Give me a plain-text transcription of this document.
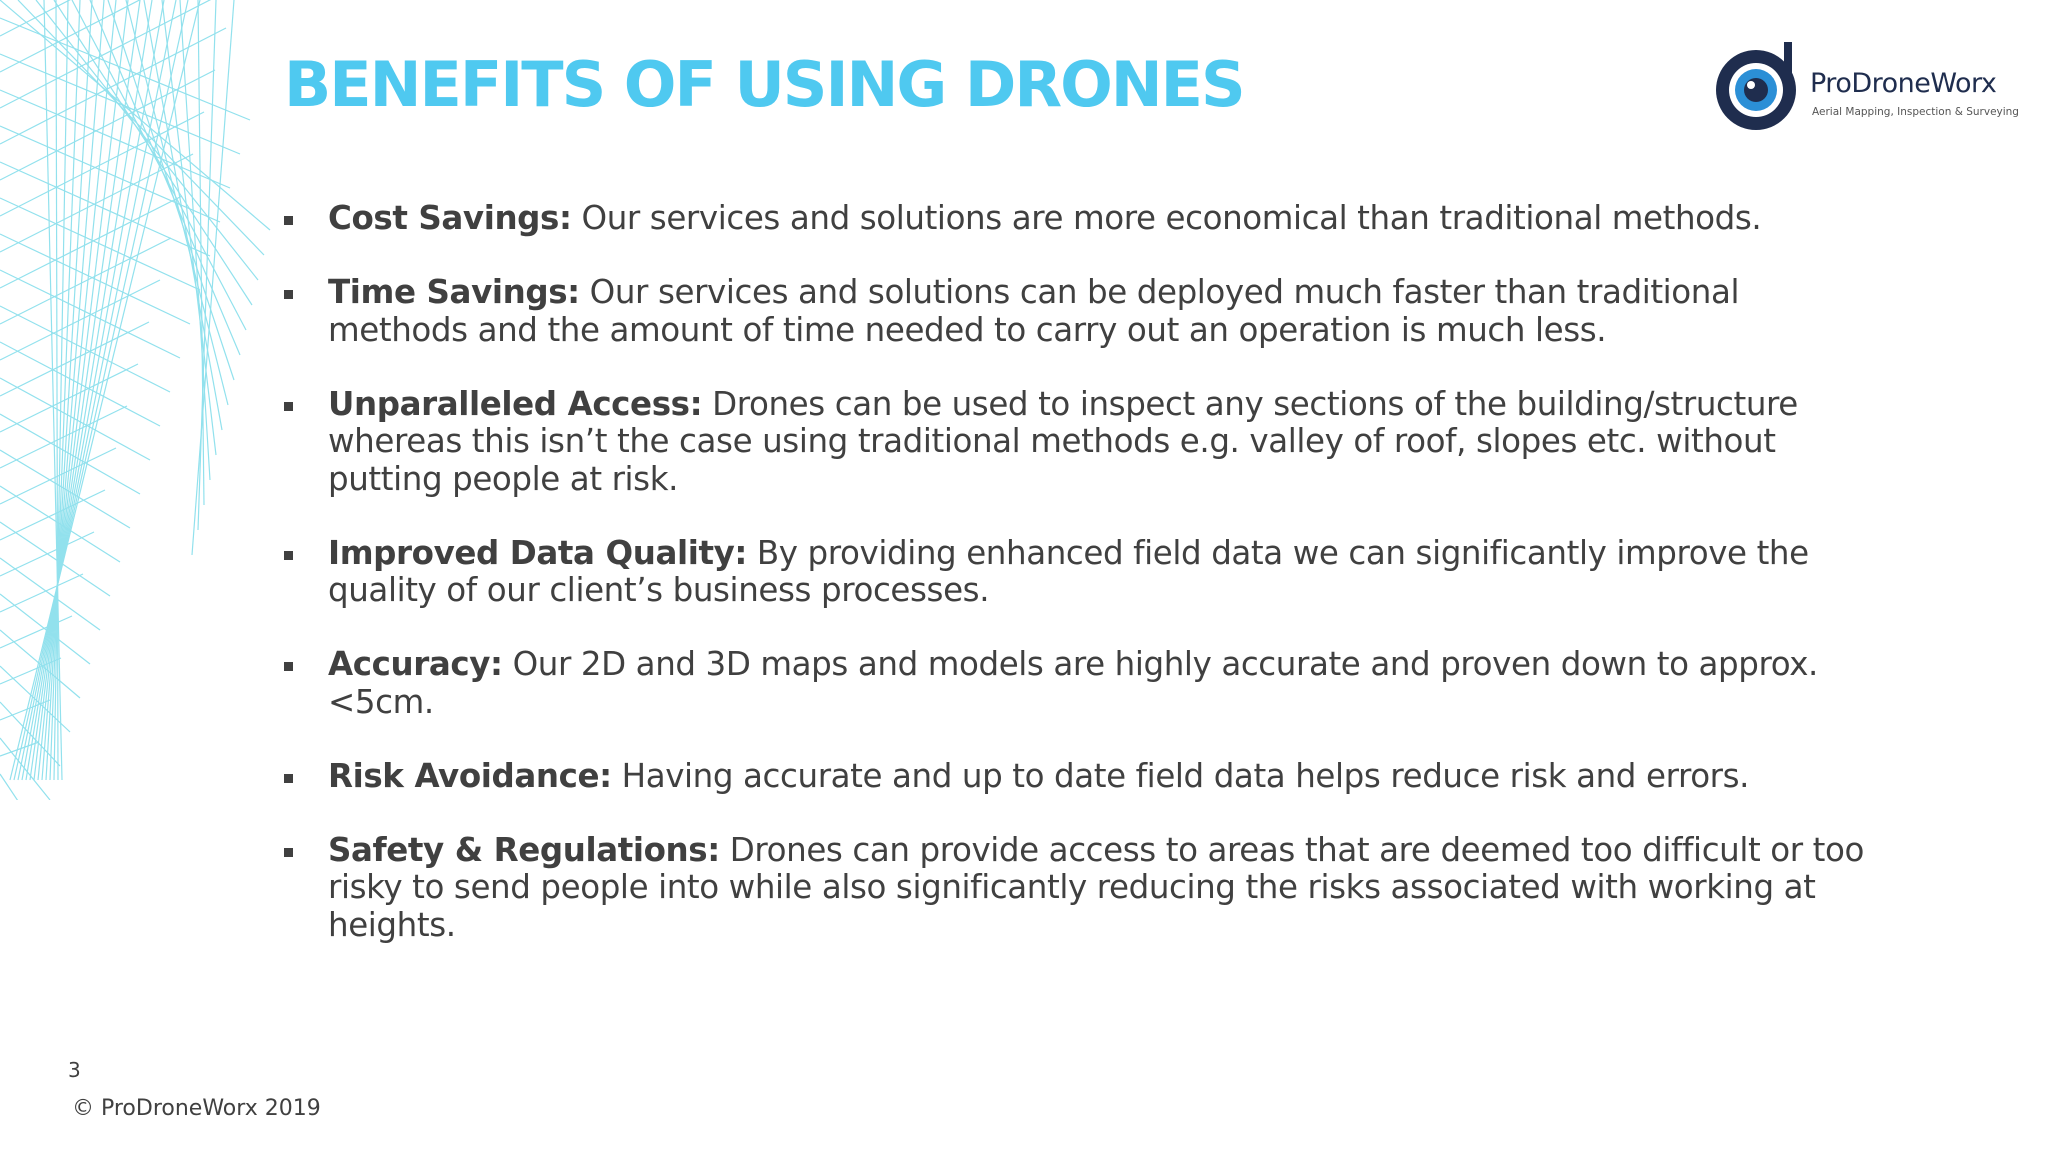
BENEFITS OF USING DRONES	ProDroneWorx
Aerial Mapping, Inspection & Surveying
Cost Savings: Our services and solutions are more economical than traditional methods.
Time Savings: Our services and solutions can be deployed much faster than traditional methods and the amount of time needed to carry out an operation is much less.
Unparalleled Access: Drones can be used to inspect any sections of the building/structure whereas this isn’t the case using traditional methods e.g. valley of roof, slopes etc. without putting people at risk.
Improved Data Quality: By providing enhanced field data we can significantly improve the quality of our client’s business processes.
Accuracy: Our 2D and 3D maps and models are highly accurate and proven down to approx. <5cm.
Risk Avoidance: Having accurate and up to date field data helps reduce risk and errors.
Safety & Regulations: Drones can provide access to areas that are deemed too difficult or too risky to send people into while also significantly reducing the risks associated with working at heights.
3
© ProDroneWorx 2019
